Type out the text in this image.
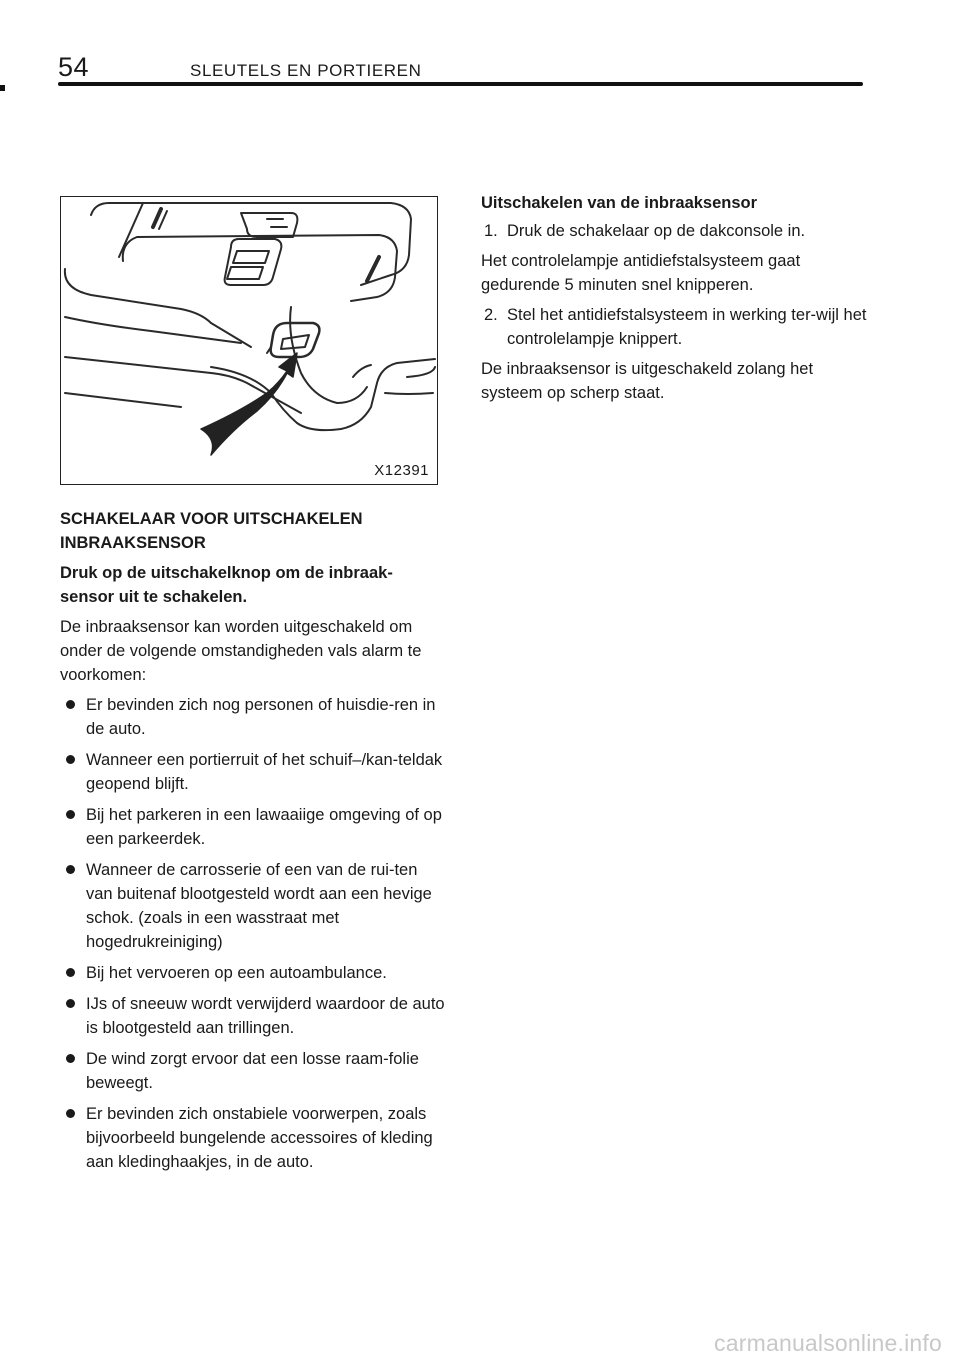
54	SLEUTELS EN PORTIEREN
X12391
SCHAKELAAR VOOR UITSCHAKELEN INBRAAKSENSOR
Druk op de uitschakelknop om de inbraak-sensor uit te schakelen.
De inbraaksensor kan worden uitgeschakeld om onder de volgende omstandigheden vals alarm te voorkomen:
Er bevinden zich nog personen of huisdie-ren in de auto.
Wanneer een portierruit of het schuif–/kan-teldak geopend blijft.
Bij het parkeren in een lawaaiige omgeving of op een parkeerdek.
Wanneer de carrosserie of een van de rui-ten van buitenaf blootgesteld wordt aan een hevige schok. (zoals in een wasstraat met hogedrukreiniging)
Bij het vervoeren op een autoambulance.
IJs of sneeuw wordt verwijderd waardoor de auto is blootgesteld aan trillingen.
De wind zorgt ervoor dat een losse raam-folie beweegt.
Er bevinden zich onstabiele voorwerpen, zoals bijvoorbeeld bungelende accessoires of kleding aan kledinghaakjes, in de auto.
Uitschakelen van de inbraaksensor
1. Druk de schakelaar op de dakconsole in.
Het controlelampje antidiefstalsysteem gaat gedurende 5 minuten snel knipperen.
2. Stel het antidiefstalsysteem in werking ter-wijl het controlelampje knippert.
De inbraaksensor is uitgeschakeld zolang het systeem op scherp staat.
carmanualsonline.info
